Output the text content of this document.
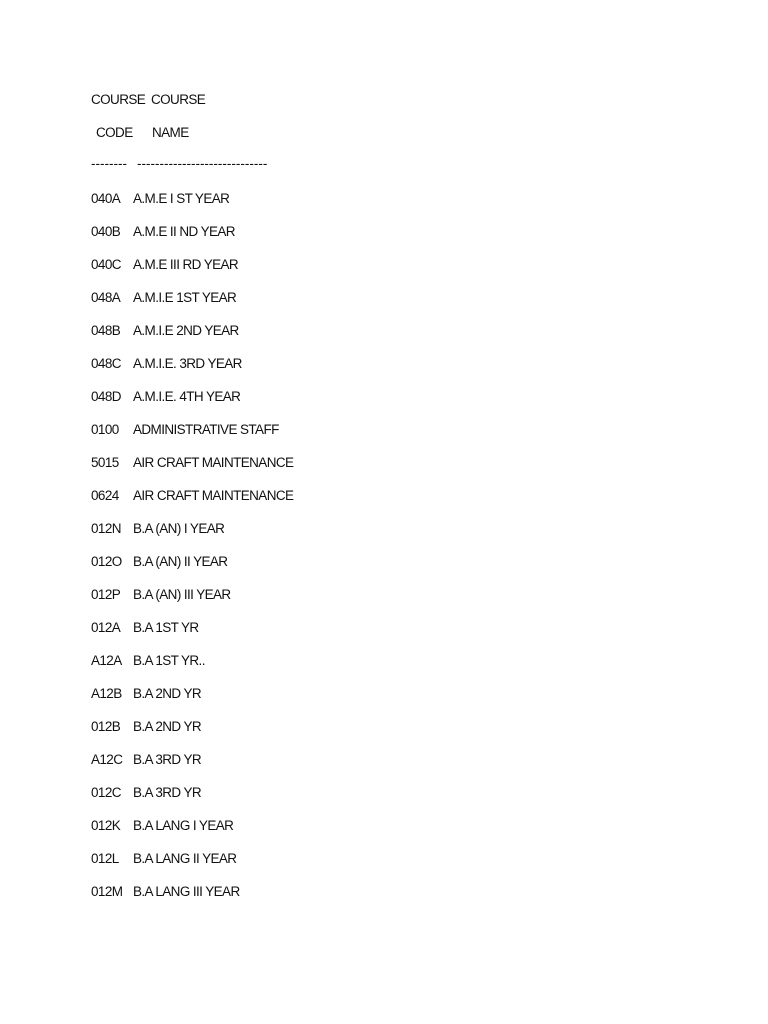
COURSE COURSE
CODE NAME
-------- -----------------------------
040A A.M.E I ST YEAR
040B A.M.E II ND YEAR
040C A.M.E III RD YEAR
048A A.M.I.E 1ST YEAR
048B A.M.I.E 2ND YEAR
048C A.M.I.E. 3RD YEAR
048D A.M.I.E. 4TH YEAR
0100 ADMINISTRATIVE STAFF
5015 AIR CRAFT MAINTENANCE
0624 AIR CRAFT MAINTENANCE
012N B.A (AN) I YEAR
012O B.A (AN) II YEAR
012P B.A (AN) III YEAR
012A B.A 1ST YR
A12A B.A 1ST YR..
A12B B.A 2ND YR
012B B.A 2ND YR
A12C B.A 3RD YR
012C B.A 3RD YR
012K B.A LANG I YEAR
012L B.A LANG II YEAR
012M B.A LANG III YEAR
